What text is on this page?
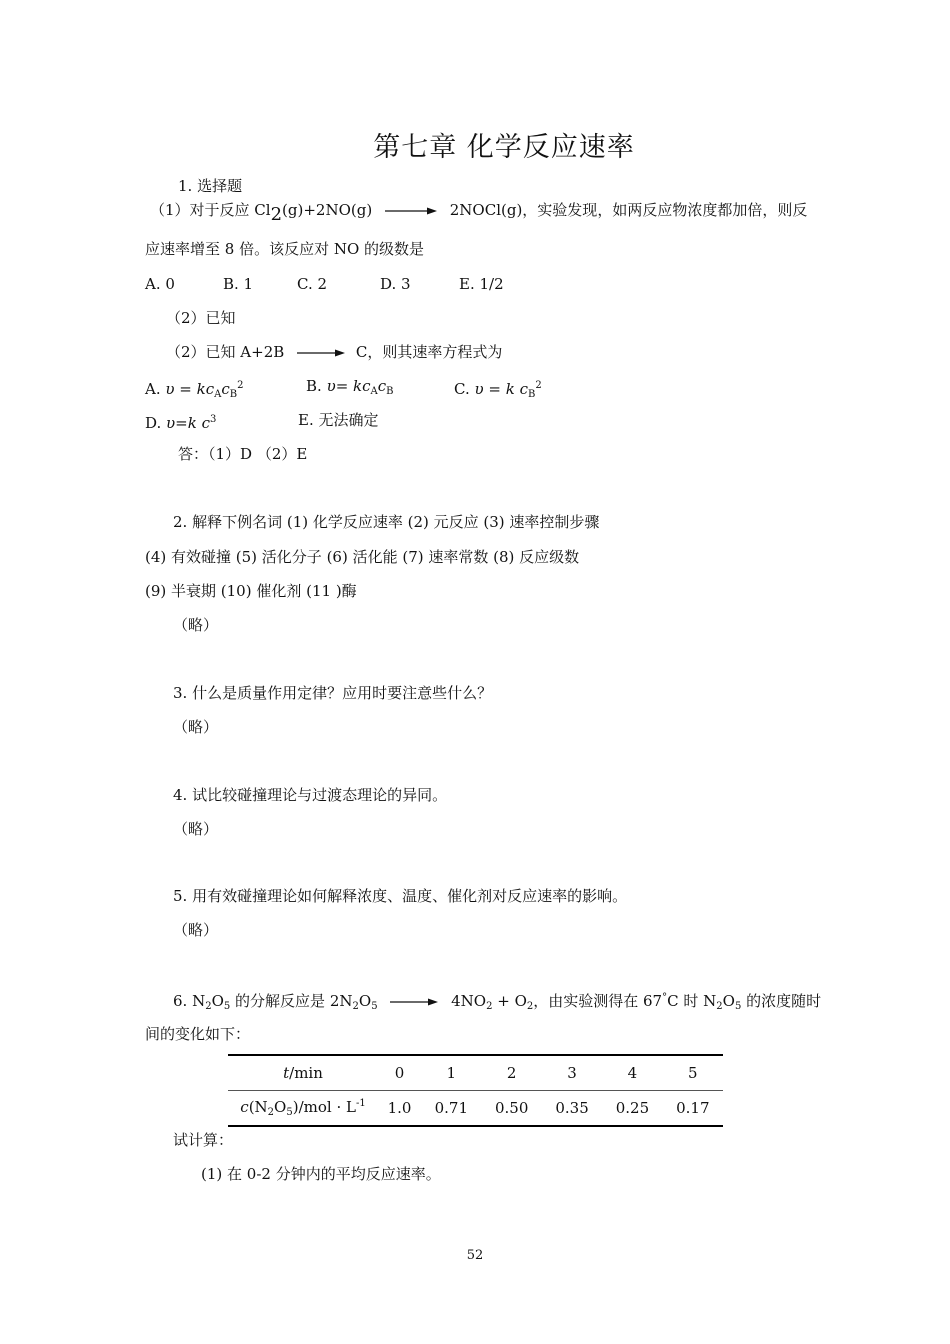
第七章 化学反应速率
1. 选择题
（1）对于反应 Cl2(g)+2NO(g) → 2NOCl(g)，实验发现，如两反应物浓度都加倍，则反
应速率增至 8 倍。该反应对 NO 的级数是
A. 0	B. 1	C. 2	D. 3	E. 1/2
（2）已知
（2）已知 A+2B → C，则其速率方程式为
A. $\upsilon = kc_Ac_B^2$	B. $\upsilon= kc_Ac_B$	C. υ = k $c_B^2$
D. υ=k $c^3$	E. 无法确定
答：（1）D （2）E
2. 解释下例名词 (1) 化学反应速率 (2) 元反应 (3) 速率控制步骤
(4) 有效碰撞 (5) 活化分子 (6) 活化能 (7) 速率常数 (8) 反应级数
(9) 半衰期 (10) 催化剂 (11 )酶
（略）
3. 什么是质量作用定律？应用时要注意些什么？
（略）
4. 试比较碰撞理论与过渡态理论的异同。
（略）
5. 用有效碰撞理论如何解释浓度、温度、催化剂对反应速率的影响。
（略）
6. $N_2O_5$ 的分解反应是 $2N_2O_5 \to 4NO_2 + O_2$，由实验测得在 67°C 时 $N_2O_5$ 的浓度随时
间的变化如下：
t/min	0	1	2	3	4	5
$c(N_2O_5)$/mol · $L^{-1}$	1.0	0.71	0.50	0.35	0.25	0.17
试计算：
(1) 在 0-2 分钟内的平均反应速率。
52
